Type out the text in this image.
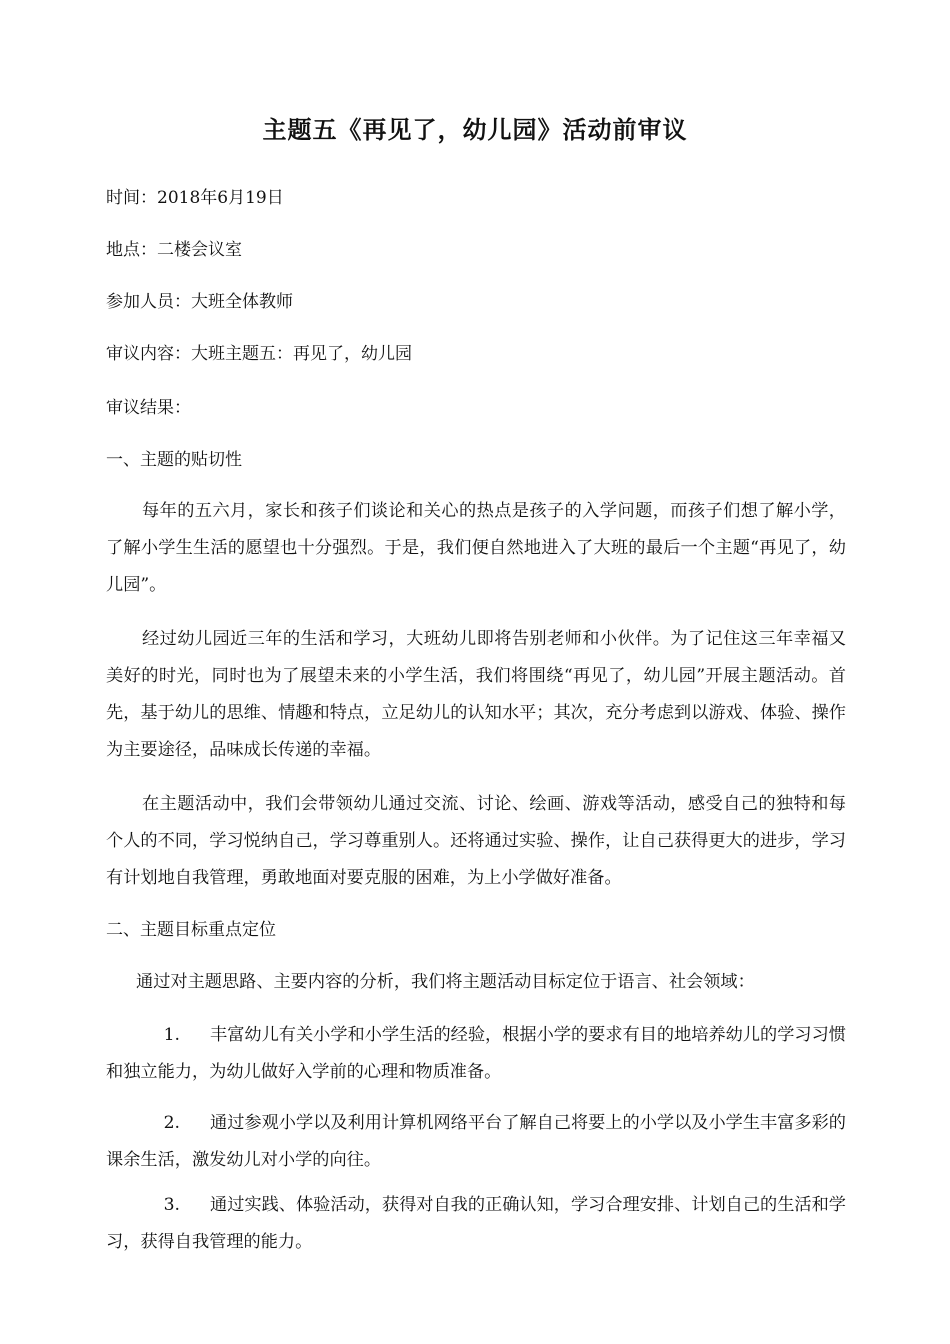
主题五《再见了，幼儿园》活动前审议
时间：2018年6月19日
地点：二楼会议室
参加人员：大班全体教师
审议内容：大班主题五：再见了，幼儿园
审议结果：
一、主题的贴切性
每年的五六月，家长和孩子们谈论和关心的热点是孩子的入学问题，而孩子们想了解小学，了解小学生生活的愿望也十分强烈。于是，我们便自然地进入了大班的最后一个主题“再见了，幼儿园”。
经过幼儿园近三年的生活和学习，大班幼儿即将告别老师和小伙伴。为了记住这三年幸福又美好的时光，同时也为了展望未来的小学生活，我们将围绕“再见了，幼儿园”开展主题活动。首先，基于幼儿的思维、情趣和特点，立足幼儿的认知水平；其次，充分考虑到以游戏、体验、操作为主要途径，品味成长传递的幸福。
在主题活动中，我们会带领幼儿通过交流、讨论、绘画、游戏等活动，感受自己的独特和每个人的不同，学习悦纳自己，学习尊重别人。还将通过实验、操作，让自己获得更大的进步，学习有计划地自我管理，勇敢地面对要克服的困难，为上小学做好准备。
二、主题目标重点定位
通过对主题思路、主要内容的分析，我们将主题活动目标定位于语言、社会领域：
1. 丰富幼儿有关小学和小学生活的经验，根据小学的要求有目的地培养幼儿的学习习惯和独立能力，为幼儿做好入学前的心理和物质准备。
2. 通过参观小学以及利用计算机网络平台了解自己将要上的小学以及小学生丰富多彩的课余生活，激发幼儿对小学的向往。
3. 通过实践、体验活动，获得对自我的正确认知，学习合理安排、计划自己的生活和学习，获得自我管理的能力。
